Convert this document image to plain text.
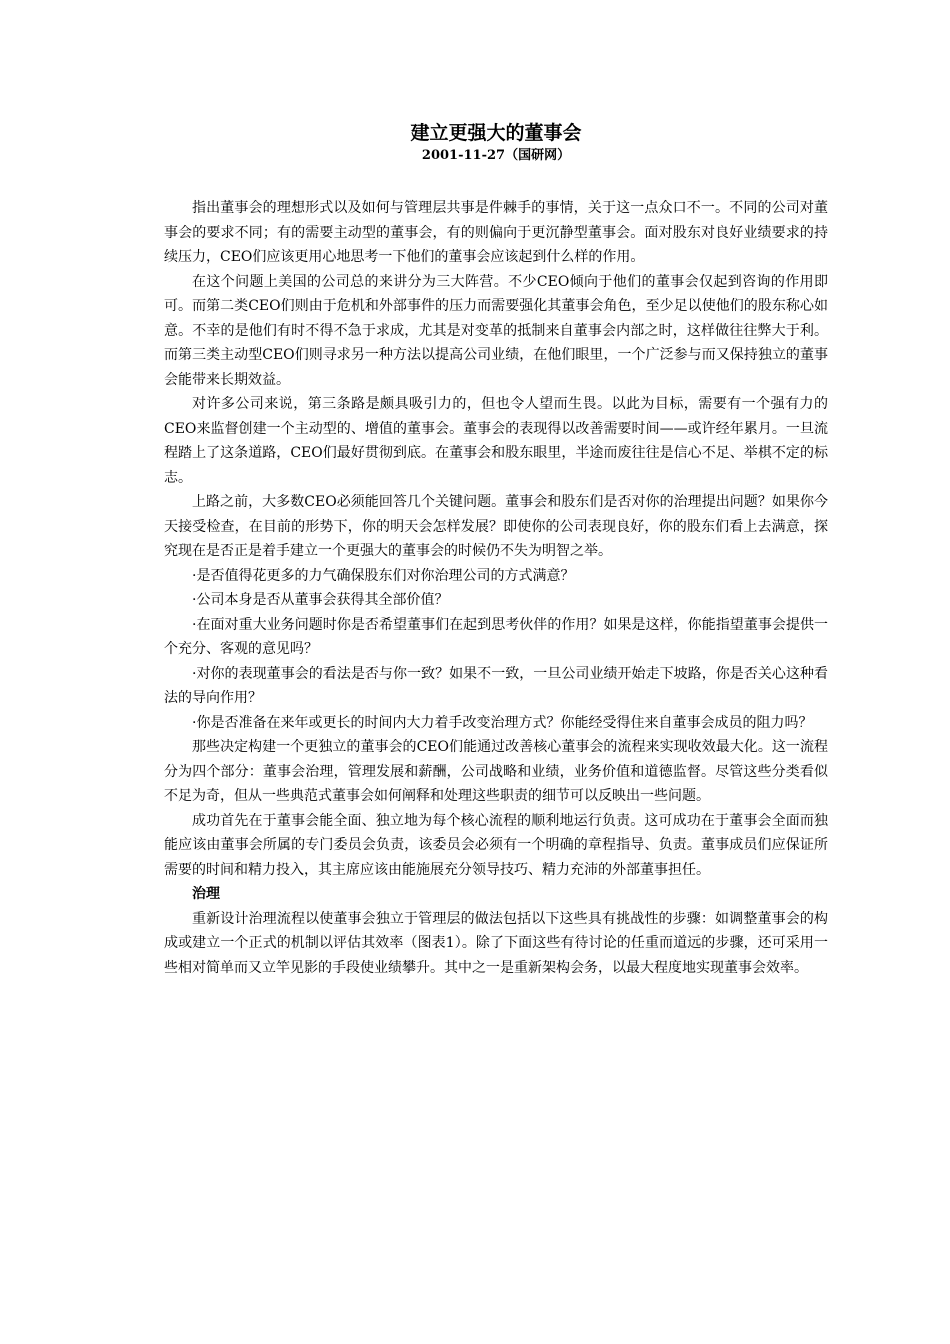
建立更强大的董事会
2001-11-27（国研网）

指出董事会的理想形式以及如何与管理层共事是件棘手的事情，关于这一点众口不一。不同的公司对董事会的要求不同；有的需要主动型的董事会，有的则偏向于更沉静型董事会。面对股东对良好业绩要求的持续压力，CEO们应该更用心地思考一下他们的董事会应该起到什么样的作用。

在这个问题上美国的公司总的来讲分为三大阵营。不少CEO倾向于他们的董事会仅起到咨询的作用即可。而第二类CEO们则由于危机和外部事件的压力而需要强化其董事会角色，至少足以使他们的股东称心如意。不幸的是他们有时不得不急于求成，尤其是对变革的抵制来自董事会内部之时，这样做往往弊大于利。而第三类主动型CEO们则寻求另一种方法以提高公司业绩，在他们眼里，一个广泛参与而又保持独立的董事会能带来长期效益。

对许多公司来说，第三条路是颇具吸引力的，但也令人望而生畏。以此为目标，需要有一个强有力的CEO来监督创建一个主动型的、增值的董事会。董事会的表现得以改善需要时间——或许经年累月。一旦流程踏上了这条道路，CEO们最好贯彻到底。在董事会和股东眼里，半途而废往往是信心不足、举棋不定的标志。

上路之前，大多数CEO必须能回答几个关键问题。董事会和股东们是否对你的治理提出问题？如果你今天接受检查，在目前的形势下，你的明天会怎样发展？即使你的公司表现良好，你的股东们看上去满意，探究现在是否正是着手建立一个更强大的董事会的时候仍不失为明智之举。

·是否值得花更多的力气确保股东们对你治理公司的方式满意？

·公司本身是否从董事会获得其全部价值？

·在面对重大业务问题时你是否希望董事们在起到思考伙伴的作用？如果是这样，你能指望董事会提供一个充分、客观的意见吗？

·对你的表现董事会的看法是否与你一致？如果不一致，一旦公司业绩开始走下坡路，你是否关心这种看法的导向作用？

·你是否准备在来年或更长的时间内大力着手改变治理方式？你能经受得住来自董事会成员的阻力吗？

那些决定构建一个更独立的董事会的CEO们能通过改善核心董事会的流程来实现收效最大化。这一流程分为四个部分：董事会治理，管理发展和薪酬，公司战略和业绩，业务价值和道德监督。尽管这些分类看似不足为奇，但从一些典范式董事会如何阐释和处理这些职责的细节可以反映出一些问题。

成功首先在于董事会能全面、独立地为每个核心流程的顺利地运行负责。这可成功在于董事会全面而独能应该由董事会所属的专门委员会负责，该委员会必须有一个明确的章程指导、负责。董事成员们应保证所需要的时间和精力投入，其主席应该由能施展充分领导技巧、精力充沛的外部董事担任。

治理

重新设计治理流程以使董事会独立于管理层的做法包括以下这些具有挑战性的步骤：如调整董事会的构成或建立一个正式的机制以评估其效率（图表1）。除了下面这些有待讨论的任重而道远的步骤，还可采用一些相对简单而又立竿见影的手段使业绩攀升。其中之一是重新架构会务，以最大程度地实现董事会效率。
